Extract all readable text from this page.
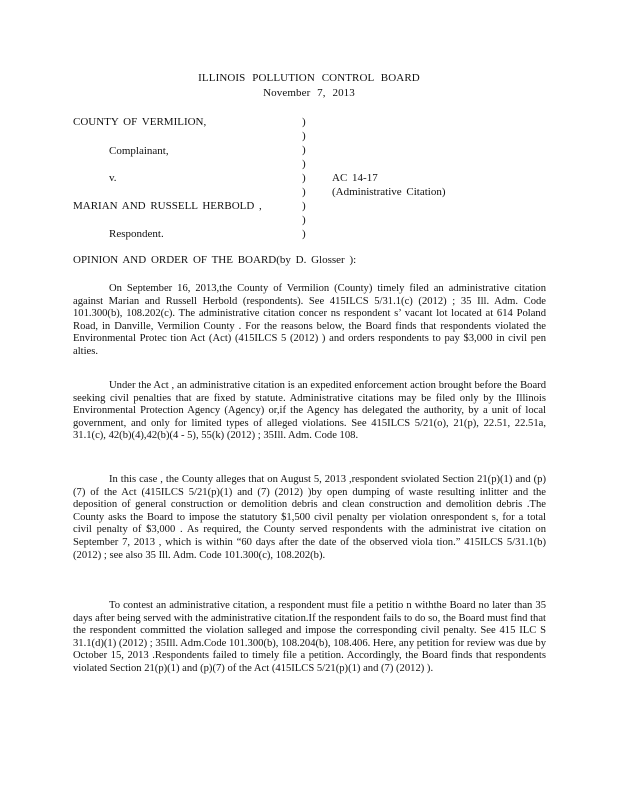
ILLINOIS POLLUTION CONTROL BOARD
November 7, 2013
COUNTY OF VERMILION,
Complainant,
v.	AC 14-17
(Administrative Citation)
MARIAN AND RUSSELL HERBOLD ,
Respondent.
)
)
)
)
)
)
)
)
)
OPINION AND ORDER OF THE BOARD(by D. Glosser ):

On September 16, 2013,the County of Vermilion (County) timely filed an administrative citation against Marian and Russell Herbold (respondents). See 415ILCS 5/31.1(c) (2012) ; 35 Ill. Adm. Code 101.300(b), 108.202(c). The administrative citation concer ns respondent s’ vacant lot located at 614 Poland Road, in Danville, Vermilion County . For the reasons below, the Board finds that respondents violated the Environmental Protec tion Act (Act) (415ILCS 5 (2012) ) and orders respondents to pay $3,000 in civil pen alties.

Under the Act , an administrative citation is an expedited enforcement action brought before the Board seeking civil penalties that are fixed by statute. Administrative citations may be filed only by the Illinois Environmental Protection Agency (Agency) or,if the Agency has delegated the authority, by a unit of local government, and only for limited types of alleged violations. See 415ILCS 5/21(o), 21(p), 22.51, 22.51a, 31.1(c), 42(b)(4),42(b)(4 - 5), 55(k) (2012) ; 35Ill. Adm. Code 108.

In this case , the County alleges that on August 5, 2013 ,respondent sviolated Section 21(p)(1) and (p)(7) of the Act (415ILCS 5/21(p)(1) and (7) (2012) )by open dumping of waste resulting inlitter and the deposition of general construction or demolition debris and clean construction and demolition debris .The County asks the Board to impose the statutory $1,500 civil penalty per violation onrespondent s, for a total civil penalty of $3,000 . As required, the County served respondents with the administrat ive citation on September 7, 2013 , which is within “60 days after the date of the observed viola tion.” 415ILCS 5/31.1(b) (2012) ; see also 35 Ill. Adm. Code 101.300(c), 108.202(b).

To contest an administrative citation, a respondent must file a petitio n withthe Board no later than 35 days after being served with the administrative citation.If the respondent fails to do so, the Board must find that the respondent committed the violation salleged and impose the corresponding civil penalty. See 415 ILC S 31.1(d)(1) (2012) ; 35Ill. Adm.Code 101.300(b), 108.204(b), 108.406. Here, any petition for review was due by October 15, 2013 .Respondents failed to timely file a petition. Accordingly, the Board finds that respondents violated Section 21(p)(1) and (p)(7) of the Act (415ILCS 5/21(p)(1) and (7) (2012) ).
